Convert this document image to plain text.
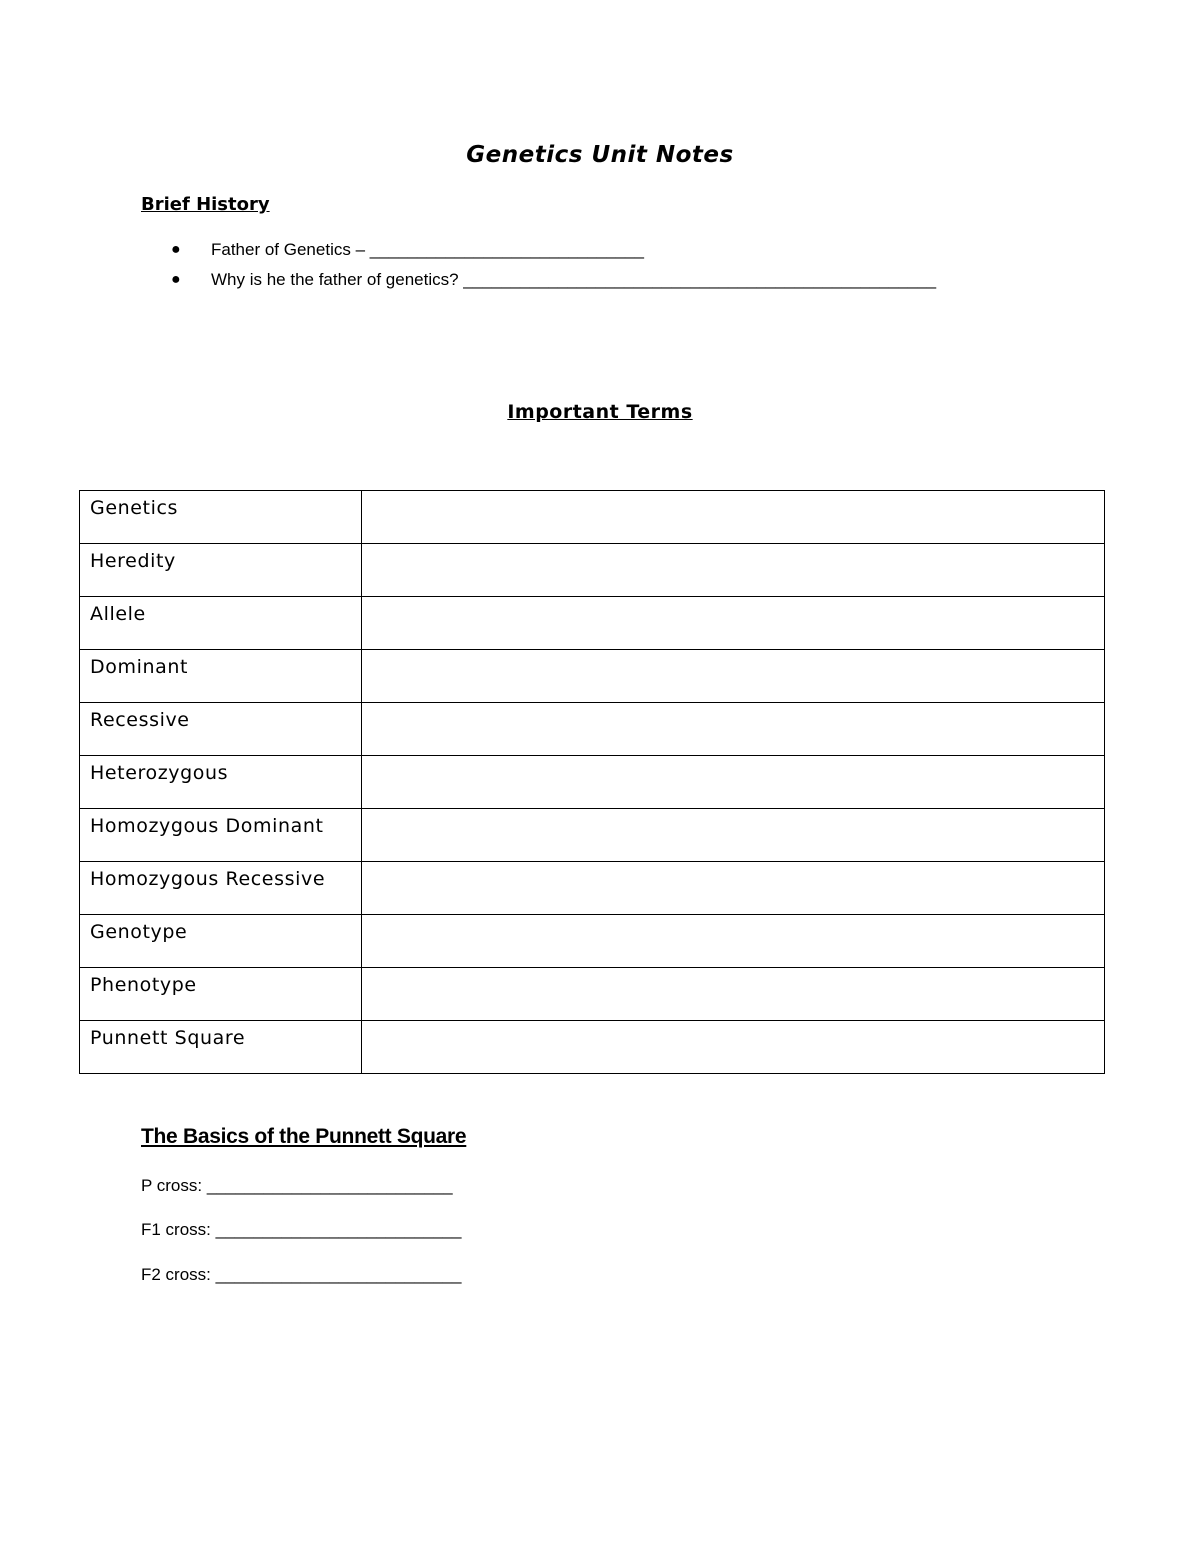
Genetics Unit Notes
Brief History
●	Father of Genetics – _____________________________
●	Why is he the father of genetics? __________________________________________________
Important Terms
Genetics	
Heredity	
Allele	
Dominant	
Recessive	
Heterozygous	
Homozygous Dominant	
Homozygous Recessive	
Genotype	
Phenotype	
Punnett Square	
The Basics of the Punnett Square
P cross: __________________________
F1 cross: __________________________
F2 cross: __________________________
